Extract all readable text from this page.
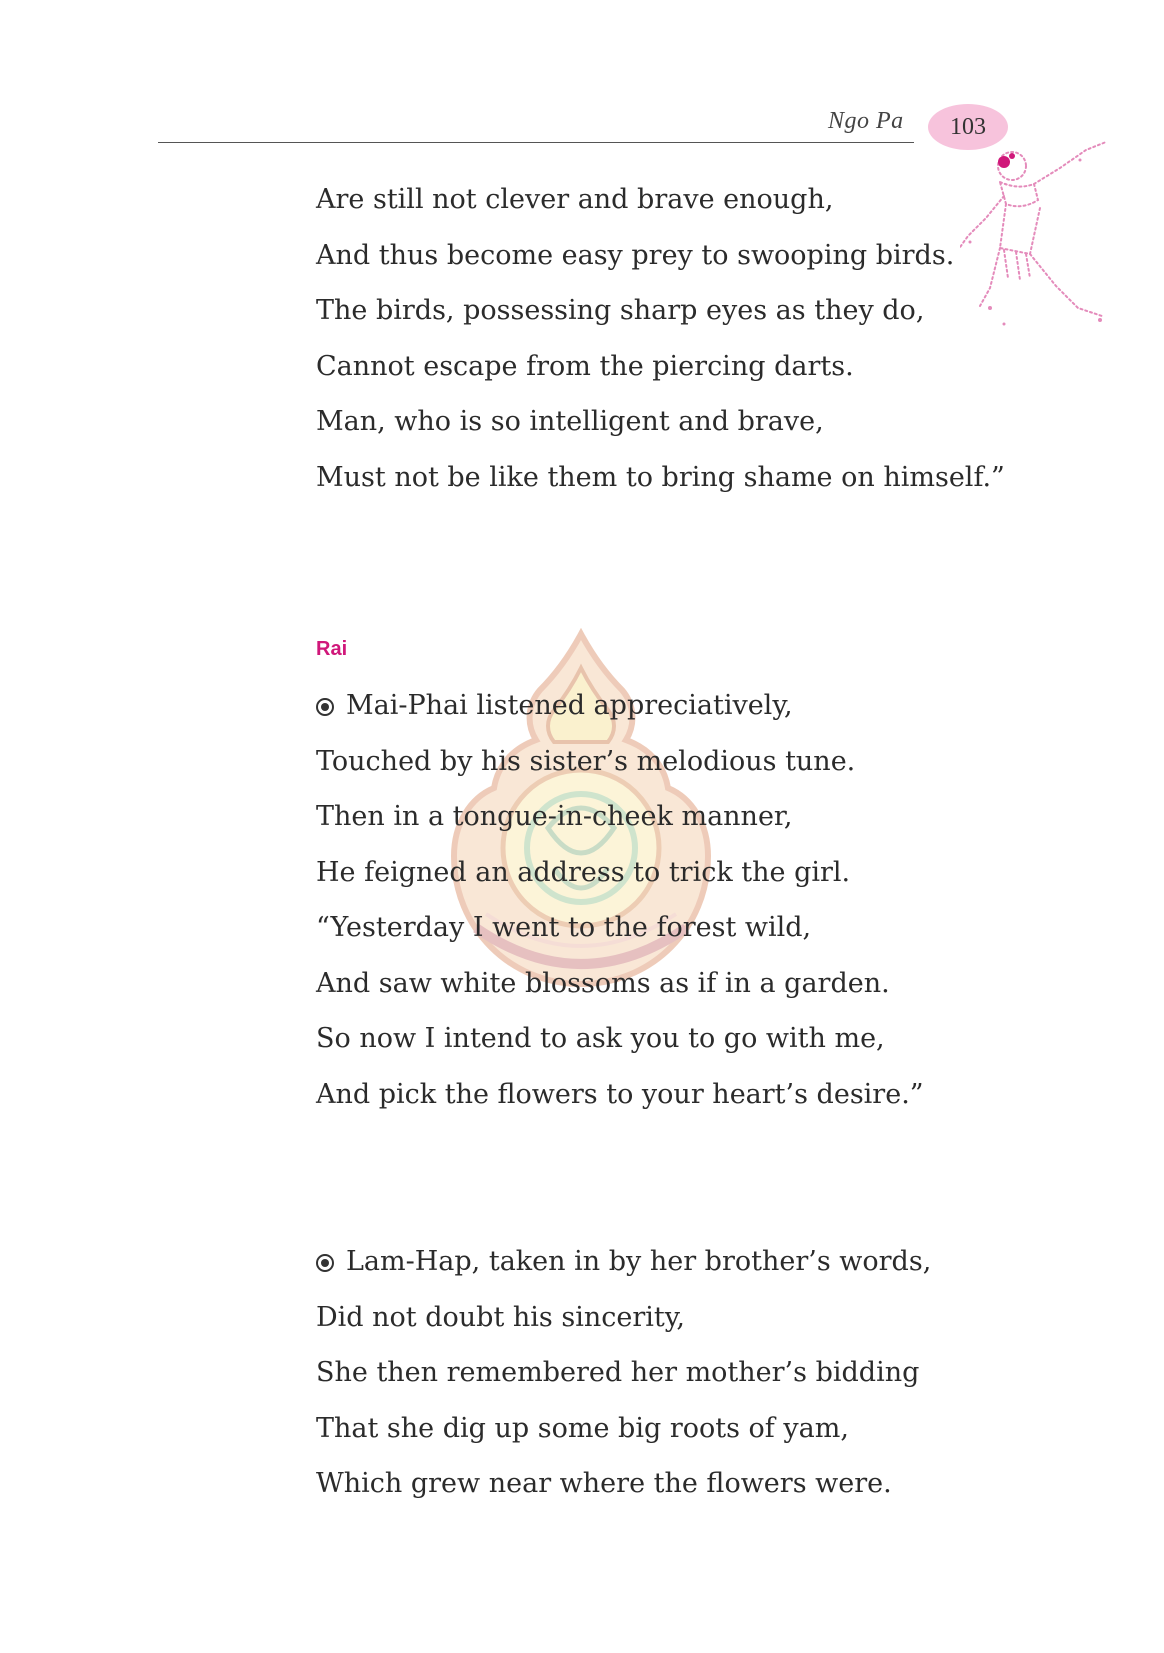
Ngo Pa 103
Are still not clever and brave enough,
And thus become easy prey to swooping birds.
The birds, possessing sharp eyes as they do,
Cannot escape from the piercing darts.
Man, who is so intelligent and brave,
Must not be like them to bring shame on himself.”
Rai
Mai-Phai listened appreciatively,
Touched by his sister’s melodious tune.
Then in a tongue-in-cheek manner,
He feigned an address to trick the girl.
“Yesterday I went to the forest wild,
And saw white blossoms as if in a garden.
So now I intend to ask you to go with me,
And pick the flowers to your heart’s desire.”
Lam-Hap, taken in by her brother’s words,
Did not doubt his sincerity,
She then remembered her mother’s bidding
That she dig up some big roots of yam,
Which grew near where the flowers were.
